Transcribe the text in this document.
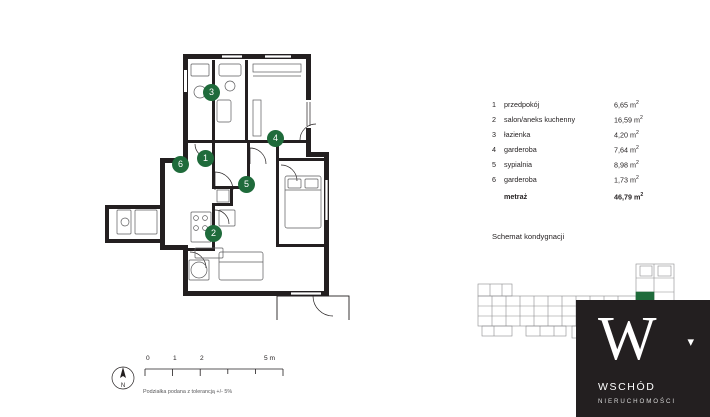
1
2
3
4
5
6
1	przedpokój	6,65 $m^2$
2	salon/aneks kuchenny	16,59 $m^2$
3	łazienka	4,20 $m^2$
4	garderoba	7,64 $m^2$
5	sypialnia	8,98 $m^2$
6	garderoba	1,73 $m^2$
	metraż	46,79 $m^2$
Schemat kondygnacji
0	1	2	5 m
Podziałka podana z tolerancją +/- 5%
N
W	▾
WSCHÓD
NIERUCHOMOŚCI
